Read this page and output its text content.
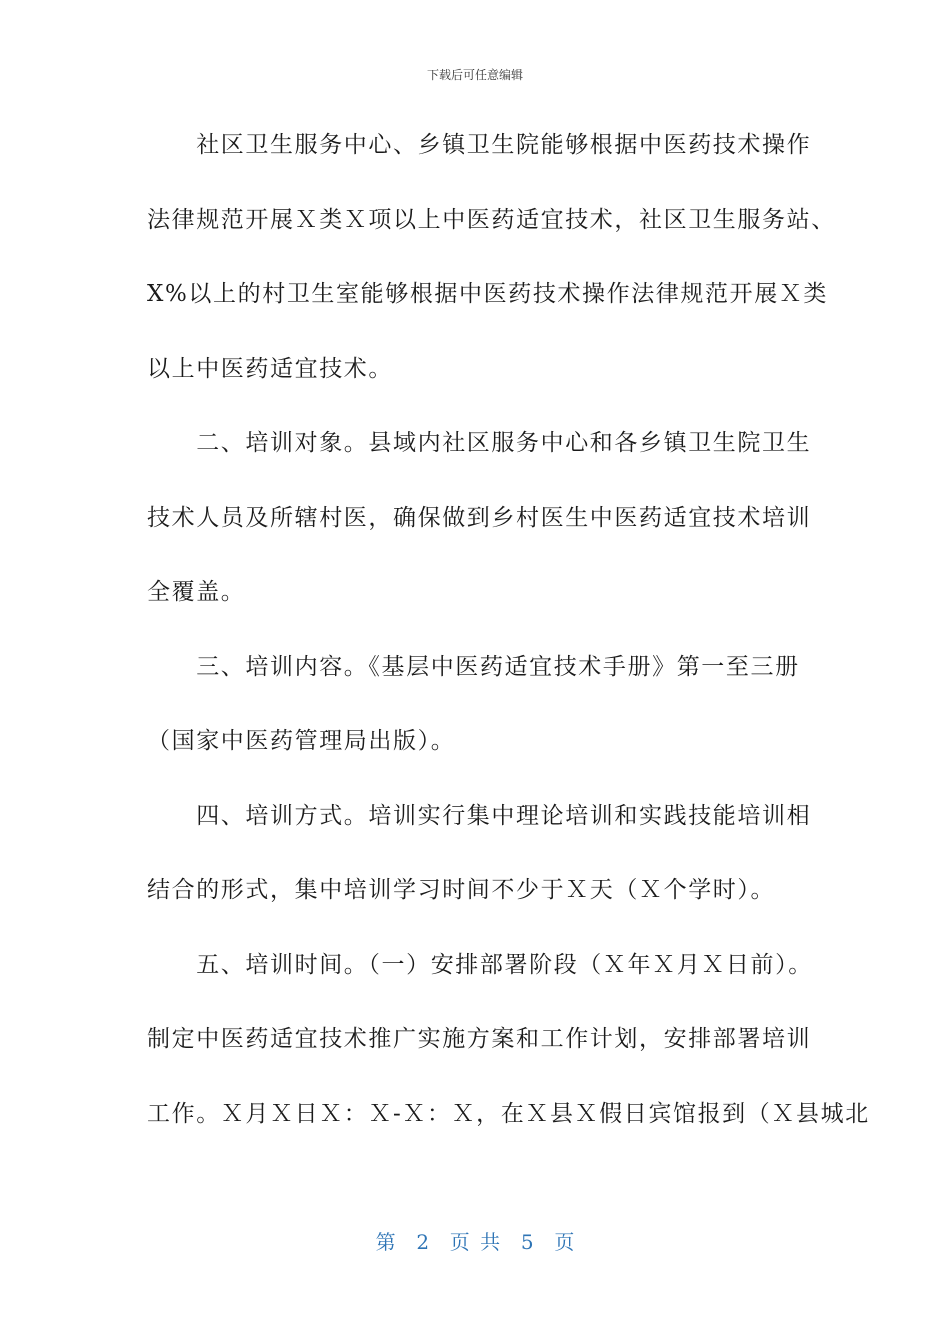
下载后可任意编辑
　　社区卫生服务中心、乡镇卫生院能够根据中医药技术操作
法律规范开展Ｘ类Ｘ项以上中医药适宜技术，社区卫生服务站、
X%以上的村卫生室能够根据中医药技术操作法律规范开展Ｘ类
以上中医药适宜技术。
　　二、培训对象。县域内社区服务中心和各乡镇卫生院卫生
技术人员及所辖村医，确保做到乡村医生中医药适宜技术培训
全覆盖。
　　三、培训内容。《基层中医药适宜技术手册》第一至三册
（国家中医药管理局出版）。
　　四、培训方式。培训实行集中理论培训和实践技能培训相
结合的形式，集中培训学习时间不少于Ｘ天（Ｘ个学时）。
　　五、培训时间。（一）安排部署阶段（Ｘ年Ｘ月Ｘ日前）。
制定中医药适宜技术推广实施方案和工作计划，安排部署培训
工作。Ｘ月Ｘ日Ｘ：Ｘ-Ｘ：Ｘ，在Ｘ县Ｘ假日宾馆报到（Ｘ县城北
第  2  页 共  5  页
